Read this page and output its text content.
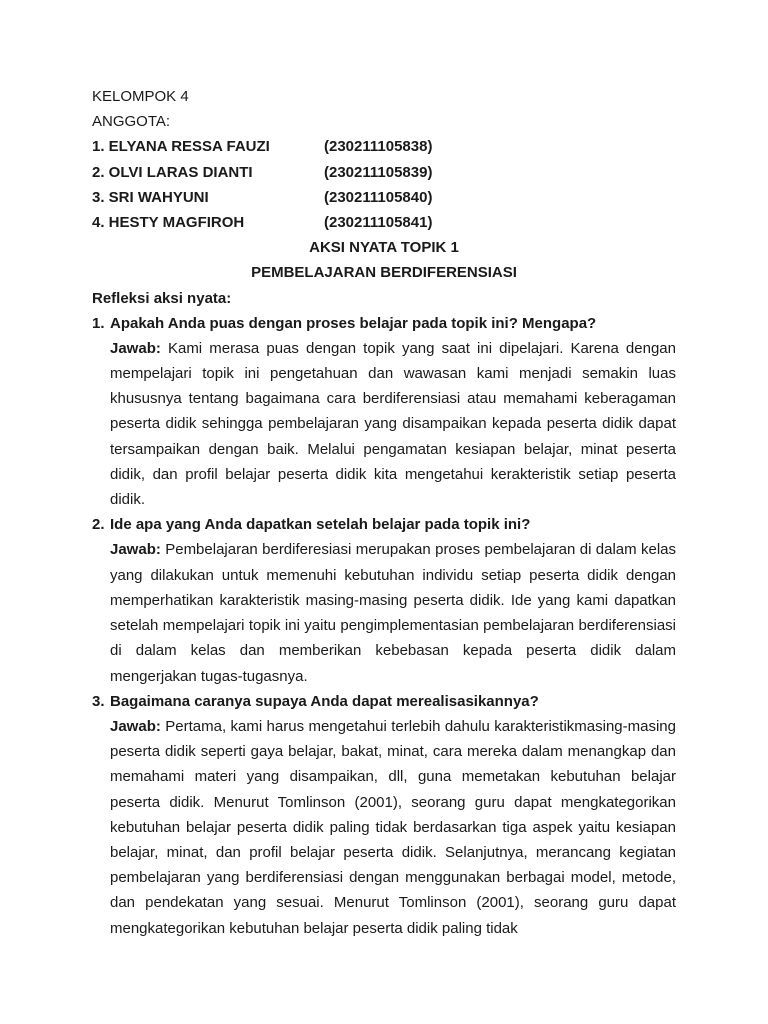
KELOMPOK 4
ANGGOTA:
1. ELYANA RESSA FAUZI	(230211105838)
2. OLVI LARAS DIANTI	(230211105839)
3. SRI WAHYUNI	(230211105840)
4. HESTY MAGFIROH	(230211105841)
AKSI NYATA TOPIK 1
PEMBELAJARAN BERDIFERENSIASI
Refleksi aksi nyata:
1. Apakah Anda puas dengan proses belajar pada topik ini? Mengapa?
Jawab: Kami merasa puas dengan topik yang saat ini dipelajari. Karena dengan mempelajari topik ini pengetahuan dan wawasan kami menjadi semakin luas khususnya tentang bagaimana cara berdiferensiasi atau memahami keberagaman peserta didik sehingga pembelajaran yang disampaikan kepada peserta didik dapat tersampaikan dengan baik. Melalui pengamatan kesiapan belajar, minat peserta didik, dan profil belajar peserta didik kita mengetahui kerakteristik setiap peserta didik.
2. Ide apa yang Anda dapatkan setelah belajar pada topik ini?
Jawab: Pembelajaran berdiferesiasi merupakan proses pembelajaran di dalam kelas yang dilakukan untuk memenuhi kebutuhan individu setiap peserta didik dengan memperhatikan karakteristik masing-masing peserta didik. Ide yang kami dapatkan setelah mempelajari topik ini yaitu pengimplementasian pembelajaran berdiferensiasi di dalam kelas dan memberikan kebebasan kepada peserta didik dalam mengerjakan tugas-tugasnya.
3. Bagaimana caranya supaya Anda dapat merealisasikannya?
Jawab: Pertama, kami harus mengetahui terlebih dahulu karakteristikmasing-masing peserta didik seperti gaya belajar, bakat, minat, cara mereka dalam menangkap dan memahami materi yang disampaikan, dll, guna memetakan kebutuhan belajar peserta didik. Menurut Tomlinson (2001), seorang guru dapat mengkategorikan kebutuhan belajar peserta didik paling tidak berdasarkan tiga aspek yaitu kesiapan belajar, minat, dan profil belajar peserta didik. Selanjutnya, merancang kegiatan pembelajaran yang berdiferensiasi dengan menggunakan berbagai model, metode, dan pendekatan yang sesuai. Menurut Tomlinson (2001), seorang guru dapat mengkategorikan kebutuhan belajar peserta didik paling tidak
